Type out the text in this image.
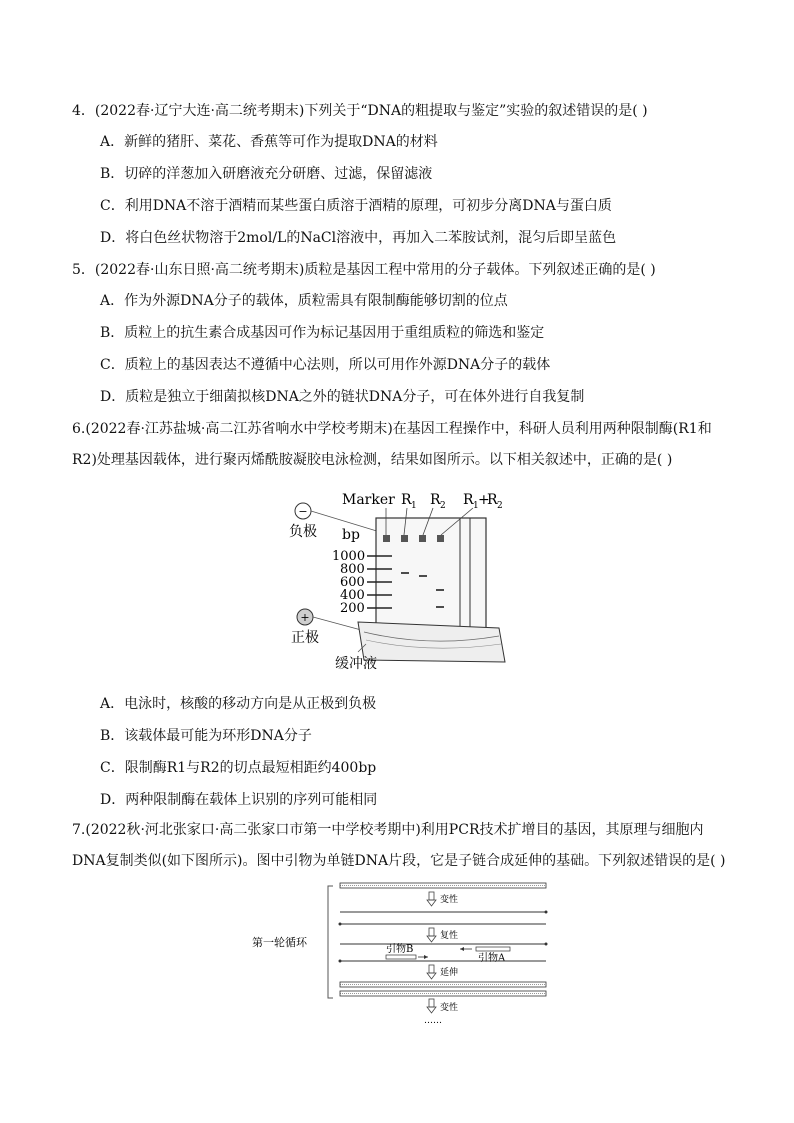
4．(2022春·辽宁大连·高二统考期末)下列关于“DNA的粗提取与鉴定”实验的叙述错误的是( )
A．新鲜的猪肝、菜花、香蕉等可作为提取DNA的材料
B．切碎的洋葱加入研磨液充分研磨、过滤，保留滤液
C．利用DNA不溶于酒精而某些蛋白质溶于酒精的原理，可初步分离DNA与蛋白质
D．将白色丝状物溶于2mol/L的NaCl溶液中，再加入二苯胺试剂，混匀后即呈蓝色
5．(2022春·山东日照·高二统考期末)质粒是基因工程中常用的分子载体。下列叙述正确的是( )
A．作为外源DNA分子的载体，质粒需具有限制酶能够切割的位点
B．质粒上的抗生素合成基因可作为标记基因用于重组质粒的筛选和鉴定
C．质粒上的基因表达不遵循中心法则，所以可用作外源DNA分子的载体
D．质粒是独立于细菌拟核DNA之外的链状DNA分子，可在体外进行自我复制
6.(2022春·江苏盐城·高二江苏省响水中学校考期末)在基因工程操作中，科研人员利用两种限制酶(R1和R2)处理基因载体，进行聚丙烯酰胺凝胶电泳检测，结果如图所示。以下相关叙述中，正确的是( )
Marker R 1 R 2 R 1 +
R 2
−
负极 bp
1000
800
600
400
200
+
正极
缓冲液
A．电泳时，核酸的移动方向是从正极到负极
B．该载体最可能为环形DNA分子
C．限制酶R1与R2的切点最短相距约400bp
D．两种限制酶在载体上识别的序列可能相同
7.(2022秋·河北张家口·高二张家口市第一中学校考期中)利用PCR技术扩增目的基因，其原理与细胞内DNA复制类似(如下图所示)。图中引物为单链DNA片段，它是子链合成延伸的基础。下列叙述错误的是( )
第一轮循环
变性
复性
引物A
引物B
延伸
变性
……
